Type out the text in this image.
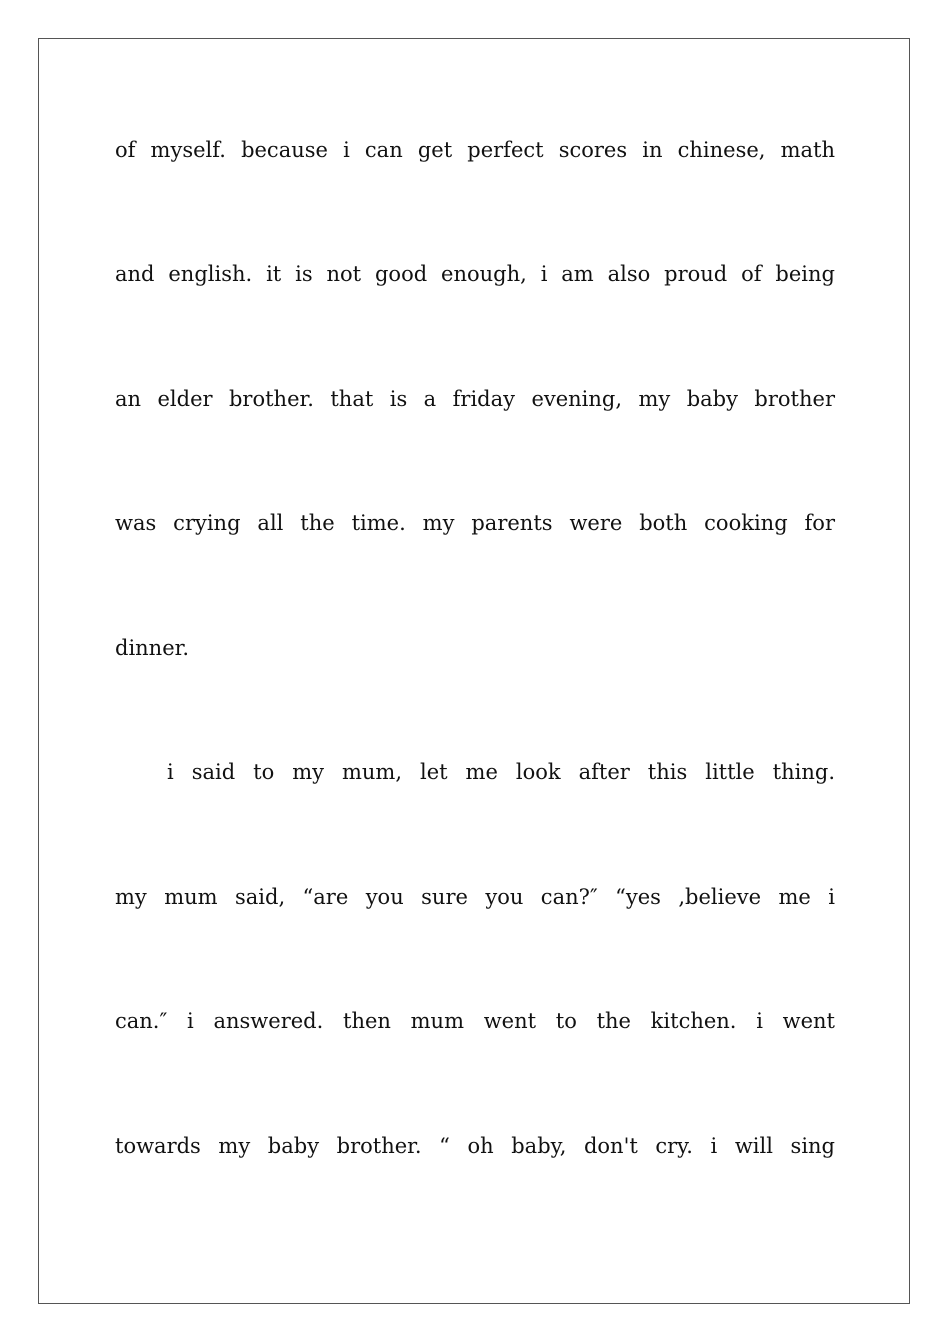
of myself. because i can get perfect scores in chinese, math
and english. it is not good enough, i am also proud of being
an elder brother. that is a friday evening, my baby brother
was crying all the time. my parents were both cooking for
dinner.
i said to my mum, let me look after this little thing.
my mum said, “are you sure you can?″ “yes ,believe me i
can.″ i answered. then mum went to the kitchen. i went
towards my baby brother. “ oh baby, don't cry. i will sing
